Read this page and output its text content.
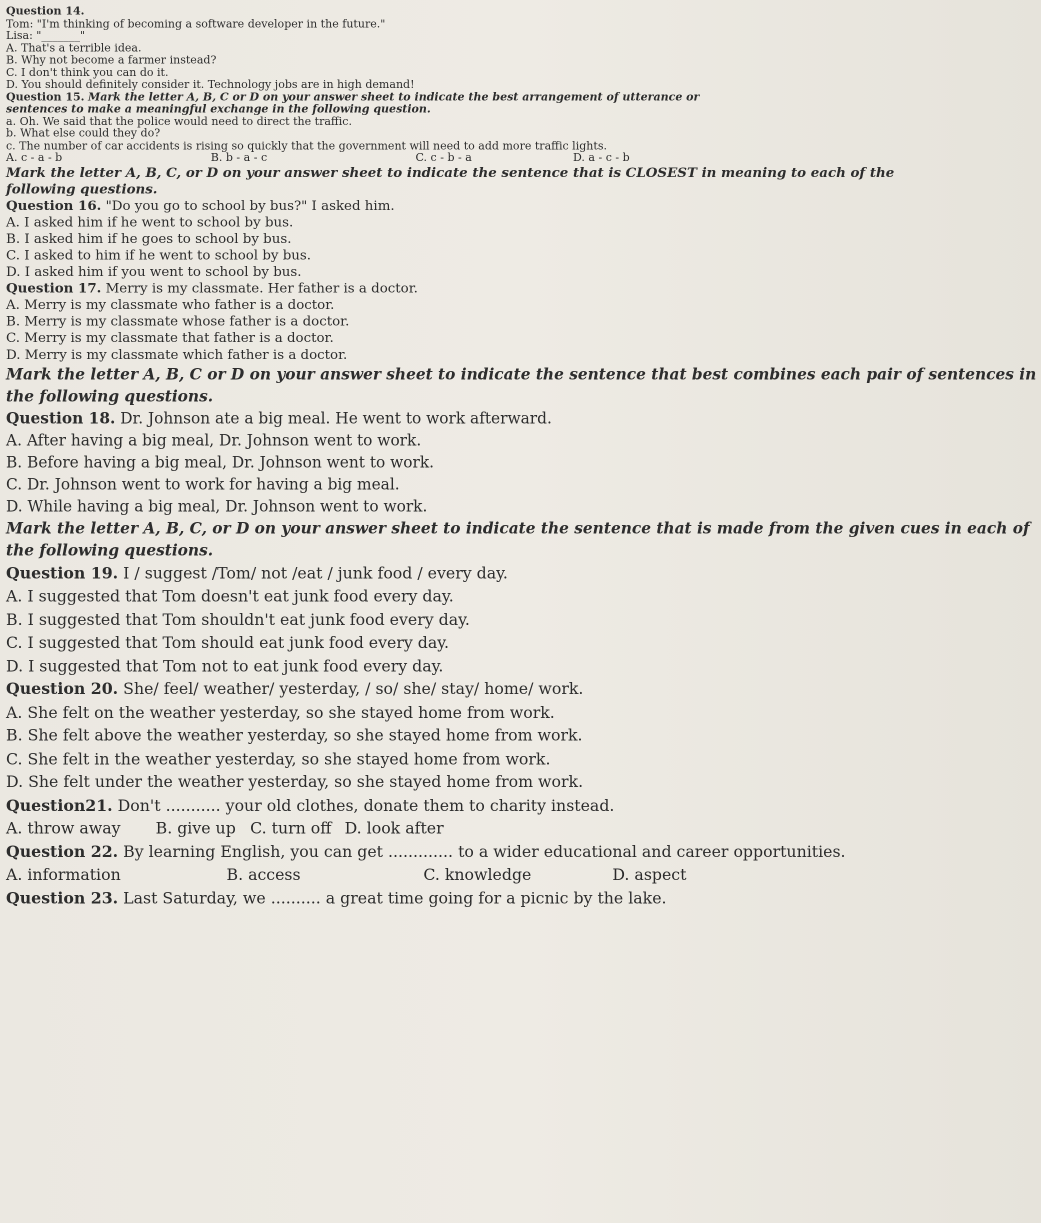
Question 14.

Tom: "I'm thinking of becoming a software developer in the future."

Lisa: "_______"

A. That's a terrible idea.

B. Why not become a farmer instead?

C. I don't think you can do it.

D. You should definitely consider it. Technology jobs are in high demand!

Question 15. Mark the letter A, B, C or D on your answer sheet to indicate the best arrangement of utterance or

sentences to make a meaningful exchange in the following question.

a. Oh. We said that the police would need to direct the traffic.

b. What else could they do?

c. The number of car accidents is rising so quickly that the government will need to add more traffic lights.

A. c - a - b	B. b - a - c	C. c - b - a	D. a - c - b

Mark the letter A, B, C, or D on your answer sheet to indicate the sentence that is CLOSEST in meaning to each of the

following questions.

Question 16. "Do you go to school by bus?" I asked him.

A. I asked him if he went to school by bus.

B. I asked him if he goes to school by bus.

C. I asked to him if he went to school by bus.

D. I asked him if you went to school by bus.

Question 17. Merry is my classmate. Her father is a doctor.

A. Merry is my classmate who father is a doctor.

B. Merry is my classmate whose father is a doctor.

C. Merry is my classmate that father is a doctor.

D. Merry is my classmate which father is a doctor.

Mark the letter A, B, C or D on your answer sheet to indicate the sentence that best combines each pair of sentences in

the following questions.

Question 18. Dr. Johnson ate a big meal. He went to work afterward.

A. After having a big meal, Dr. Johnson went to work.

B. Before having a big meal, Dr. Johnson went to work.

C. Dr. Johnson went to work for having a big meal.

D. While having a big meal, Dr. Johnson went to work.

Mark the letter A, B, C, or D on your answer sheet to indicate the sentence that is made from the given cues in each of

the following questions.

Question 19. I / suggest /Tom/ not /eat / junk food / every day.

A. I suggested that Tom doesn't eat junk food every day.

B. I suggested that Tom shouldn't eat junk food every day.

C. I suggested that Tom should eat junk food every day.

D. I suggested that Tom not to eat junk food every day.

Question 20. She/ feel/ weather/ yesterday, / so/ she/ stay/ home/ work.

A. She felt on the weather yesterday, so she stayed home from work.

B. She felt above the weather yesterday, so she stayed home from work.

C. She felt in the weather yesterday, so she stayed home from work.

D. She felt under the weather yesterday, so she stayed home from work.

Question21. Don't ........... your old clothes, donate them to charity instead.

A. throw away	B. give up C. turn off D. look after

Question 22. By learning English, you can get ............. to a wider educational and career opportunities.

A. information	B. access	C. knowledge	D. aspect

Question 23. Last Saturday, we .......... a great time going for a picnic by the lake.
